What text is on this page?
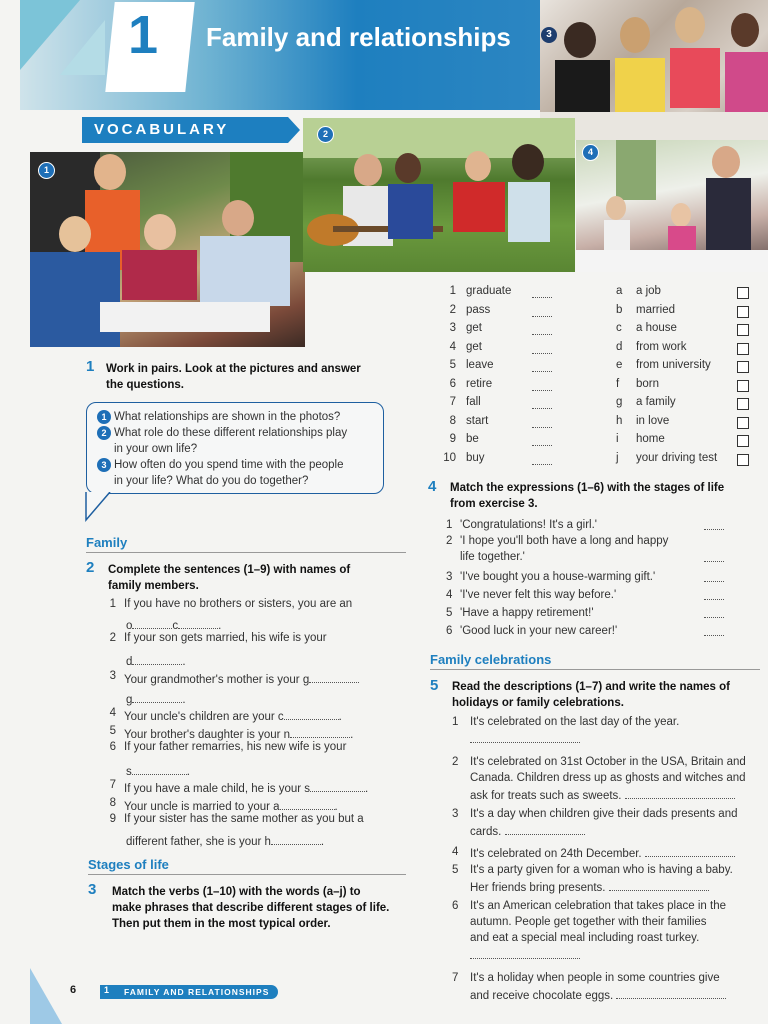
1 Family and relationships	3
1
2
4
VOCABULARY
1 Work in pairs. Look at the pictures and answer
the questions.
1 What relationships are shown in the photos?
2 What role do these different relationships play
in your own life?
3 How often do you spend time with the people
in your life? What do you do together?
Family
2 Complete the sentences (1–9) with names of
family members.
1 If you have no brothers or sisters, you are an
o	c	.
2 If your son gets married, his wife is your
d	.
3 Your grandmother's mother is your g
g	.
4 Your uncle's children are your c	.
5 Your brother's daughter is your n	.
6 If your father remarries, his new wife is your
s	.
7 If you have a male child, he is your s	.
8 Your uncle is married to your a	.
9 If your sister has the same mother as you but a
different father, she is your h	.
Stages of life
3 Match the verbs (1–10) with the words (a–j) to
make phrases that describe different stages of life.
Then put them in the most typical order.
1 graduate	a a job
2 pass	b married
3 get	c a house
4 get	d from work
5 leave	e from university
6 retire	f born
7 fall	g a family
8 start	h in love
9 be	i home
10 buy	j your driving test
4 Match the expressions (1–6) with the stages of life
from exercise 3.
1 'Congratulations! It's a girl.'
2 'I hope you'll both have a long and happy
life together.'
3 'I've bought you a house-warming gift.'
4 'I've never felt this way before.'
5 'Have a happy retirement!'
6 'Good luck in your new career!'
Family celebrations
5 Read the descriptions (1–7) and write the names of
holidays or family celebrations.
1	It's celebrated on the last day of the year.
2	It's celebrated on 31st October in the USA, Britain and
Canada. Children dress up as ghosts and witches and
ask for treats such as sweets.
3	It's a day when children give their dads presents and
cards.
4	It's celebrated on 24th December.
5	It's a party given for a woman who is having a baby.
Her friends bring presents.
6	It's an American celebration that takes place in the
autumn. People get together with their families
and eat a special meal including roast turkey.
7	It's a holiday when people in some countries give
and receive chocolate eggs.
6	1 FAMILY AND RELATIONSHIPS
